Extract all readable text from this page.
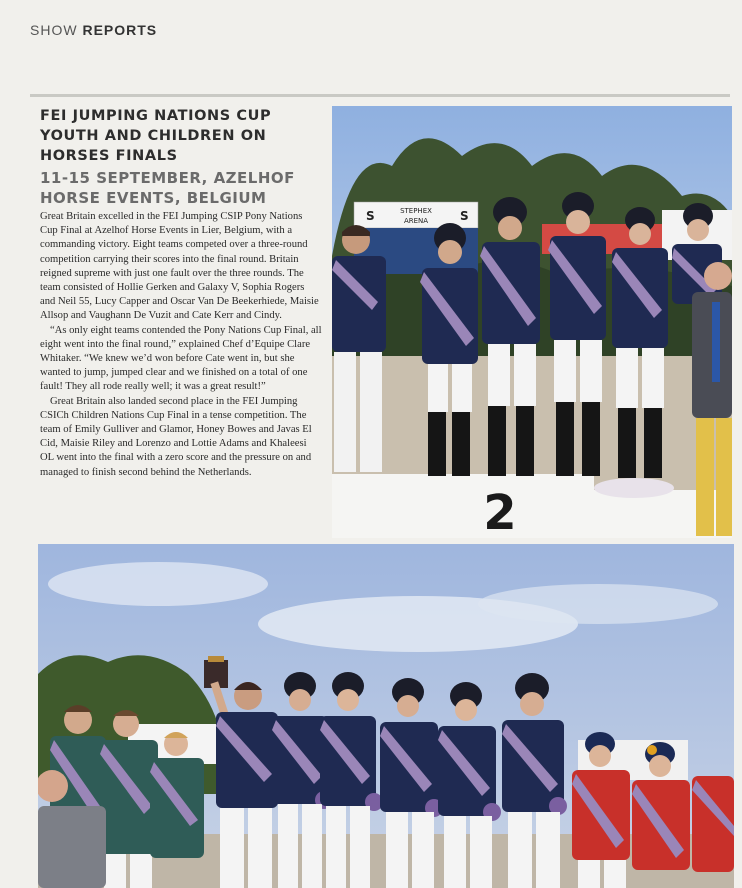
SHOW REPORTS
FEI JUMPING NATIONS CUP YOUTH AND CHILDREN ON HORSES FINALS
11-15 SEPTEMBER, AZELHOF HORSE EVENTS, BELGIUM

Great Britain excelled in the FEI Jumping CSIP Pony Nations Cup Final at Azelhof Horse Events in Lier, Belgium, with a commanding victory. Eight teams competed over a three-round competition carrying their scores into the final round. Britain reigned supreme with just one fault over the three rounds. The team consisted of Hollie Gerken and Galaxy V, Sophia Rogers and Neil 55, Lucy Capper and Oscar Van De Beekerhiede, Maisie Allsop and Vaughann De Vuzit and Cate Kerr and Cindy.

“As only eight teams contended the Pony Nations Cup Final, all eight went into the final round,” explained Chef d’Equipe Clare Whitaker. “We knew we’d won before Cate went in, but she wanted to jump, jumped clear and we finished on a total of one fault! They all rode really well; it was a great result!”

Great Britain also landed second place in the FEI Jumping CSICh Children Nations Cup Final in a tense competition. The team of Emily Gulliver and Glamor, Honey Bowes and Javas El Cid, Maisie Riley and Lorenzo and Lottie Adams and Khaleesi OL went into the final with a zero score and the pressure on and managed to finish second behind the Netherlands.

S	S
STEPHEX
ARENA
2
